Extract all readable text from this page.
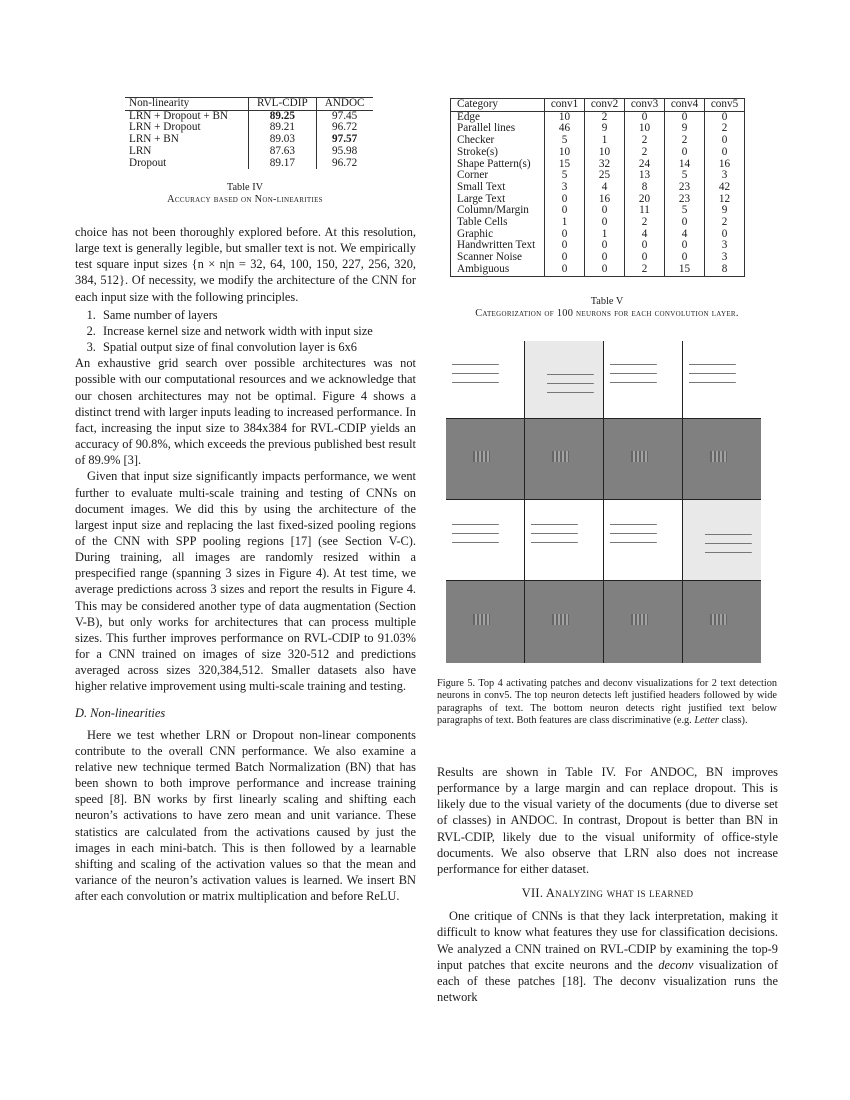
Non-linearity	RVL-CDIP	ANDOC
LRN + Dropout + BN	89.25	97.45
LRN + Dropout	89.21	96.72
LRN + BN	89.03	97.57
LRN	87.63	95.98
Dropout	89.17	96.72
Table IV
Accuracy based on Non-linearities
Category	conv1	conv2	conv3	conv4	conv5
Edge	10	2	0	0	0
Parallel lines	46	9	10	9	2
Checker	5	1	2	2	0
Stroke(s)	10	10	2	0	0
Shape Pattern(s)	15	32	24	14	16
Corner	5	25	13	5	3
Small Text	3	4	8	23	42
Large Text	0	16	20	23	12
Column/Margin	0	0	11	5	9
Table Cells	1	0	2	0	2
Graphic	0	1	4	4	0
Handwritten Text	0	0	0	0	3
Scanner Noise	0	0	0	0	3
Ambiguous	0	0	2	15	8
Table V
Categorization of 100 neurons for each convolution layer.

choice has not been thoroughly explored before. At this resolution, large text is generally legible, but smaller text is not. We empirically test square input sizes {n × n|n = 32, 64, 100, 150, 227, 256, 320, 384, 512}. Of necessity, we modify the architecture of the CNN for each input size with the following principles.

1. Same number of layers
2. Increase kernel size and network width with input size
3. Spatial output size of final convolution layer is 6x6

An exhaustive grid search over possible architectures was not possible with our computational resources and we acknowledge that our chosen architectures may not be optimal. Figure 4 shows a distinct trend with larger inputs leading to increased performance. In fact, increasing the input size to 384x384 for RVL-CDIP yields an accuracy of 90.8%, which exceeds the previous published best result of 89.9% [3].

Given that input size significantly impacts performance, we went further to evaluate multi-scale training and testing of CNNs on document images. We did this by using the architecture of the largest input size and replacing the last fixed-sized pooling regions of the CNN with SPP pooling regions [17] (see Section V-C). During training, all images are randomly resized within a prespecified range (spanning 3 sizes in Figure 4). At test time, we average predictions across 3 sizes and report the results in Figure 4. This may be considered another type of data augmentation (Section V-B), but only works for architectures that can process multiple sizes. This further improves performance on RVL-CDIP to 91.03% for a CNN trained on images of size 320-512 and predictions averaged across sizes 320,384,512. Smaller datasets also have higher relative improvement using multi-scale training and testing.

D. Non-linearities

Here we test whether LRN or Dropout non-linear components contribute to the overall CNN performance. We also examine a relative new technique termed Batch Normalization (BN) that has been shown to both improve performance and increase training speed [8]. BN works by first linearly scaling and shifting each neuron’s activations to have zero mean and unit variance. These statistics are calculated from the activations caused by just the images in each mini-batch. This is then followed by a learnable shifting and scaling of the activation values so that the mean and variance of the neuron’s activation values is learned. We insert BN after each convolution or matrix multiplication and before ReLU.

Figure 5. Top 4 activating patches and deconv visualizations for 2 text detection neurons in conv5. The top neuron detects left justified headers followed by wide paragraphs of text. The bottom neuron detects right justified text below paragraphs of text. Both features are class discriminative (e.g. Letter class).

Results are shown in Table IV. For ANDOC, BN improves performance by a large margin and can replace dropout. This is likely due to the visual variety of the documents (due to diverse set of classes) in ANDOC. In contrast, Dropout is better than BN in RVL-CDIP, likely due to the visual uniformity of office-style documents. We also observe that LRN also does not increase performance for either dataset.

VII. Analyzing what is learned

One critique of CNNs is that they lack interpretation, making it difficult to know what features they use for classification decisions. We analyzed a CNN trained on RVL-CDIP by examining the top-9 input patches that excite neurons and the deconv visualization of each of these patches [18]. The deconv visualization runs the network
